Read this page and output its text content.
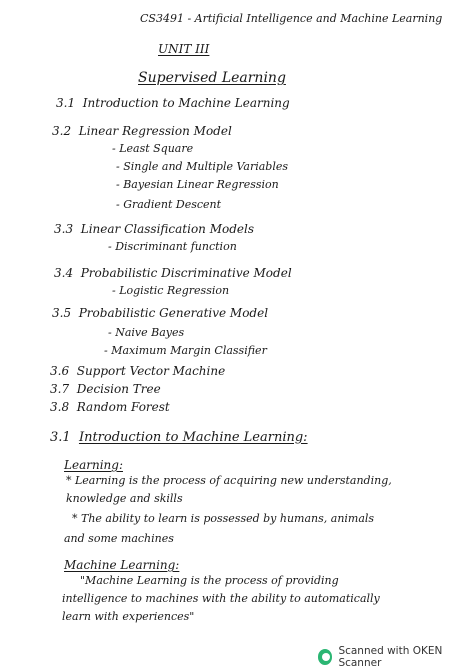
CS3491 - Artificial Intelligence and Machine Learning
UNIT III
Supervised Learning
3.1 Introduction to Machine Learning
3.2 Linear Regression Model
- Least Square
- Single and Multiple Variables
- Bayesian Linear Regression
- Gradient Descent
3.3 Linear Classification Models
- Discriminant function
3.4 Probabilistic Discriminative Model
- Logistic Regression
3.5 Probabilistic Generative Model
- Naive Bayes
- Maximum Margin Classifier
3.6 Support Vector Machine
3.7 Decision Tree
3.8 Random Forest
3.1 Introduction to Machine Learning:
Learning:
* Learning is the process of acquiring new understanding,
knowledge and skills
* The ability to learn is possessed by humans, animals
and some machines
Machine Learning:
"Machine Learning is the process of providing
intelligence to machines with the ability to automatically
learn with experiences"
Scanned with OKEN Scanner
